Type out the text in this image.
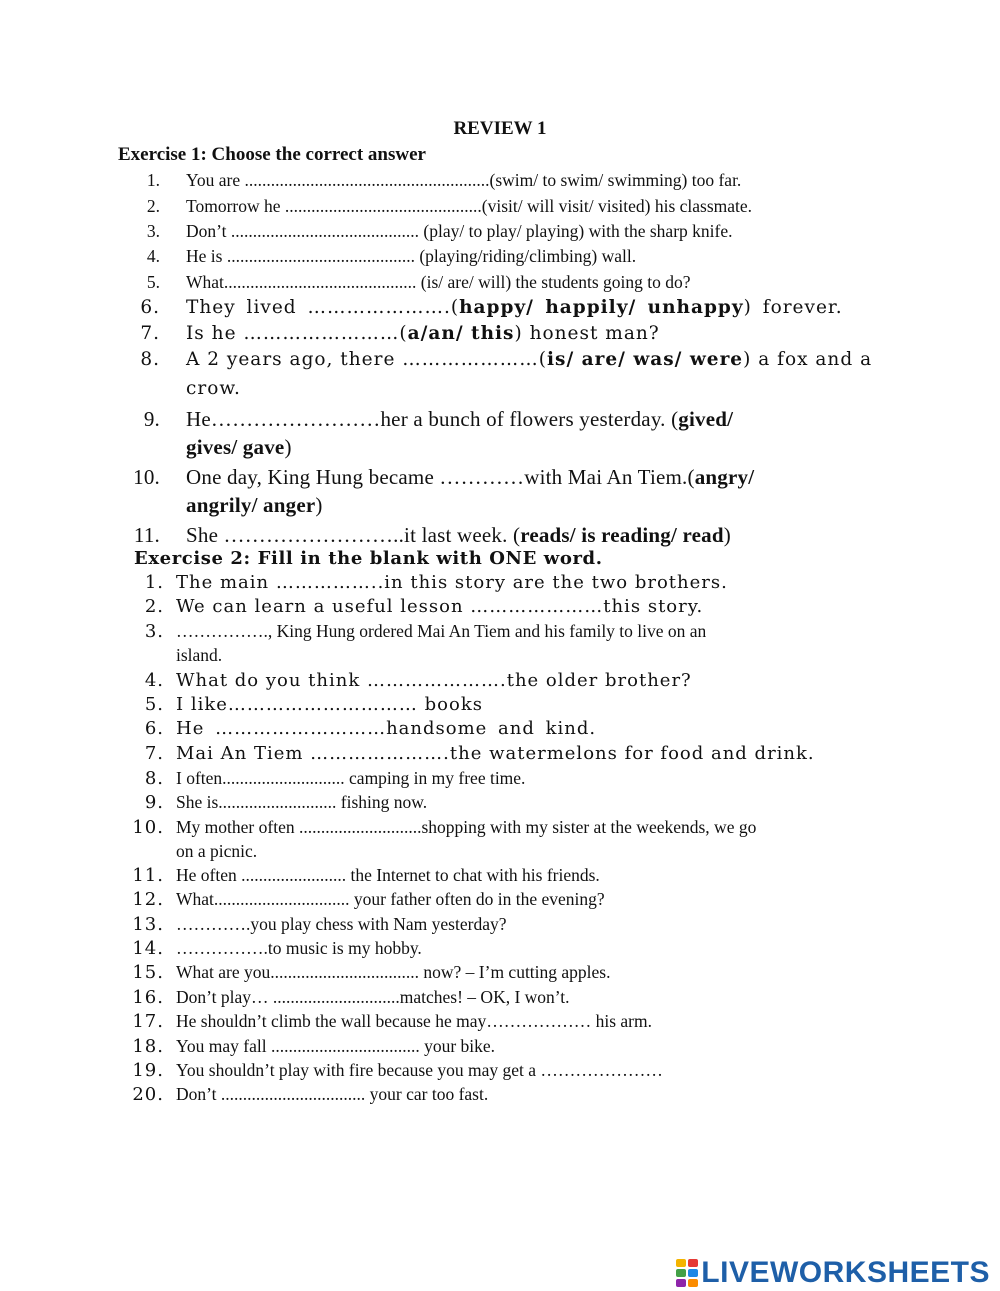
REVIEW 1
Exercise 1: Choose the correct answer
1. You are ........................................................(swim/ to swim/ swimming) too far.
2. Tomorrow he .............................................(visit/ will visit/ visited) his classmate.
3. Don’t ........................................... (play/ to play/ playing) with the sharp knife.
4. He is ........................................... (playing/riding/climbing) wall.
5. What............................................ (is/ are/ will) the students going to do?
6. They lived ………………….(happy/ happily/ unhappy) forever.
7. Is he ……………………(a/an/ this) honest man?
8. A 2 years ago, there …………………(is/ are/ was/ were) a fox and a
crow.
9. He……………………her a bunch of flowers yesterday. (gived/
gives/ gave)
10. One day, King Hung became …………with Mai An Tiem.(angry/
angrily/ anger)
11. She ……………………..it last week. (reads/ is reading/ read)
Exercise 2: Fill in the blank with ONE word.
1. The main ……………..in this story are the two brothers.
2. We can learn a useful lesson …………………this story.
3. ……………., King Hung ordered Mai An Tiem and his family to live on an
island.
4. What do you think ………………….the older brother?
5. I like………………………… books
6. He ………………………handsome and kind.
7. Mai An Tiem ………………….the watermelons for food and drink.
8. I often............................ camping in my free time.
9. She is........................... fishing now.
10. My mother often ............................shopping with my sister at the weekends, we go
on a picnic.
11. He often ........................ the Internet to chat with his friends.
12. What............................... your father often do in the evening?
13. ………….you play chess with Nam yesterday?
14. …………….to music is my hobby.
15. What are you.................................. now? – I’m cutting apples.
16. Don’t play… .............................matches! – OK, I won’t.
17. He shouldn’t climb the wall because he may……………… his arm.
18. You may fall .................................. your bike.
19. You shouldn’t play with fire because you may get a …………………
20. Don’t ................................. your car too fast.
LIVEWORKSHEETS
